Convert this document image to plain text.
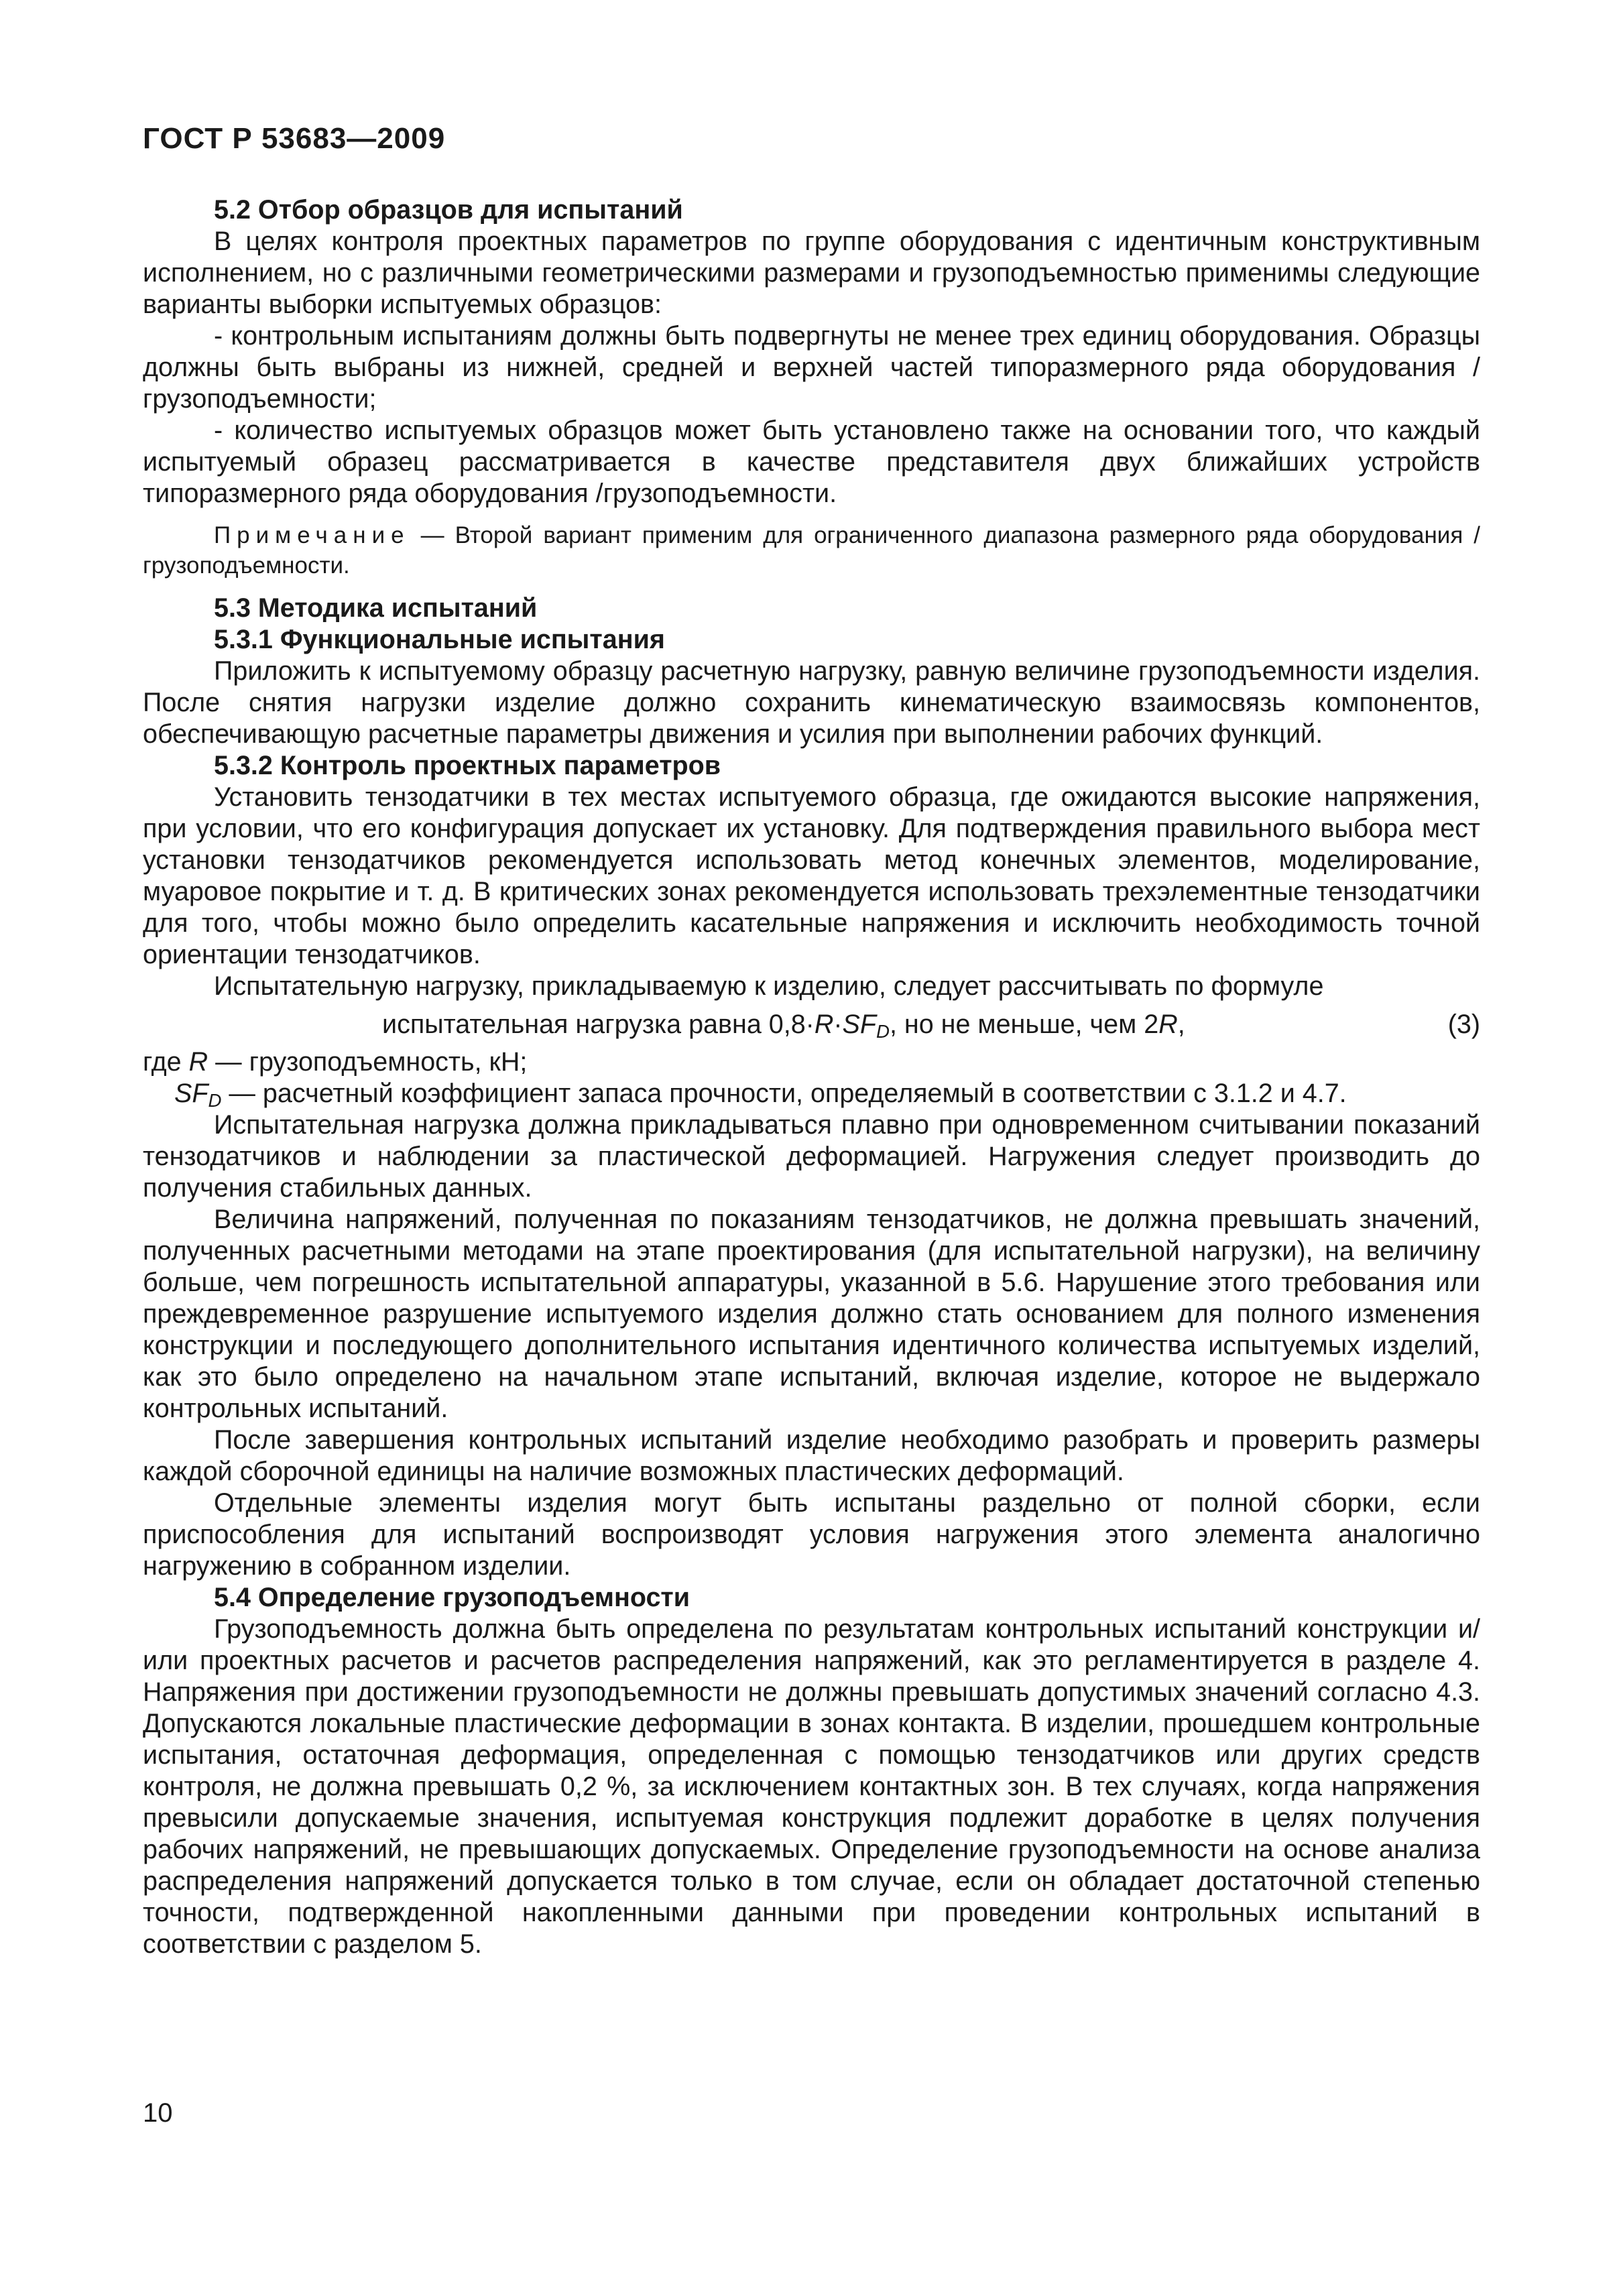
ГОСТ Р 53683—2009
5.2 Отбор образцов для испытаний

В целях контроля проектных параметров по группе оборудования с идентичным конструктивным исполнением, но с различными геометрическими размерами и грузоподъемностью применимы следующие варианты выборки испытуемых образцов:

- контрольным испытаниям должны быть подвергнуты не менее трех единиц оборудования. Образцы должны быть выбраны из нижней, средней и верхней частей типоразмерного ряда оборудования /грузоподъемности;

- количество испытуемых образцов может быть установлено также на основании того, что каждый испытуемый образец рассматривается в качестве представителя двух ближайших устройств типоразмерного ряда оборудования /грузоподъемности.

Примечание — Второй вариант применим для ограниченного диапазона размерного ряда оборудования /грузоподъемности.

5.3 Методика испытаний
5.3.1 Функциональные испытания

Приложить к испытуемому образцу расчетную нагрузку, равную величине грузоподъемности изделия. После снятия нагрузки изделие должно сохранить кинематическую взаимосвязь компонентов, обеспечивающую расчетные параметры движения и усилия при выполнении рабочих функций.

5.3.2 Контроль проектных параметров

Установить тензодатчики в тех местах испытуемого образца, где ожидаются высокие напряжения, при условии, что его конфигурация допускает их установку. Для подтверждения правильного выбора мест установки тензодатчиков рекомендуется использовать метод конечных элементов, моделирование, муаровое покрытие и т. д. В критических зонах рекомендуется использовать трехэлементные тензодатчики для того, чтобы можно было определить касательные напряжения и исключить необходимость точной ориентации тензодатчиков.

Испытательную нагрузку, прикладываемую к изделию, следует рассчитывать по формуле

испытательная нагрузка равна $0,8\cdot R\cdot SF_D$, но не меньше, чем 2R,	(3)
где R — грузоподъемность, кН;
$SF_D$ — расчетный коэффициент запаса прочности, определяемый в соответствии с 3.1.2 и 4.7.

Испытательная нагрузка должна прикладываться плавно при одновременном считывании показаний тензодатчиков и наблюдении за пластической деформацией. Нагружения следует производить до получения стабильных данных.

Величина напряжений, полученная по показаниям тензодатчиков, не должна превышать значений, полученных расчетными методами на этапе проектирования (для испытательной нагрузки), на величину больше, чем погрешность испытательной аппаратуры, указанной в 5.6. Нарушение этого требования или преждевременное разрушение испытуемого изделия должно стать основанием для полного изменения конструкции и последующего дополнительного испытания идентичного количества испытуемых изделий, как это было определено на начальном этапе испытаний, включая изделие, которое не выдержало контрольных испытаний.

После завершения контрольных испытаний изделие необходимо разобрать и проверить размеры каждой сборочной единицы на наличие возможных пластических деформаций.

Отдельные элементы изделия могут быть испытаны раздельно от полной сборки, если приспособления для испытаний воспроизводят условия нагружения этого элемента аналогично нагружению в собранном изделии.

5.4 Определение грузоподъемности

Грузоподъемность должна быть определена по результатам контрольных испытаний конструкции и/или проектных расчетов и расчетов распределения напряжений, как это регламентируется в разделе 4. Напряжения при достижении грузоподъемности не должны превышать допустимых значений согласно 4.3. Допускаются локальные пластические деформации в зонах контакта. В изделии, прошедшем контрольные испытания, остаточная деформация, определенная с помощью тензодатчиков или других средств контроля, не должна превышать 0,2 %, за исключением контактных зон. В тех случаях, когда напряжения превысили допускаемые значения, испытуемая конструкция подлежит доработке в целях получения рабочих напряжений, не превышающих допускаемых. Определение грузоподъемности на основе анализа распределения напряжений допускается только в том случае, если он обладает достаточной степенью точности, подтвержденной накопленными данными при проведении контрольных испытаний в соответствии с разделом 5.

10
